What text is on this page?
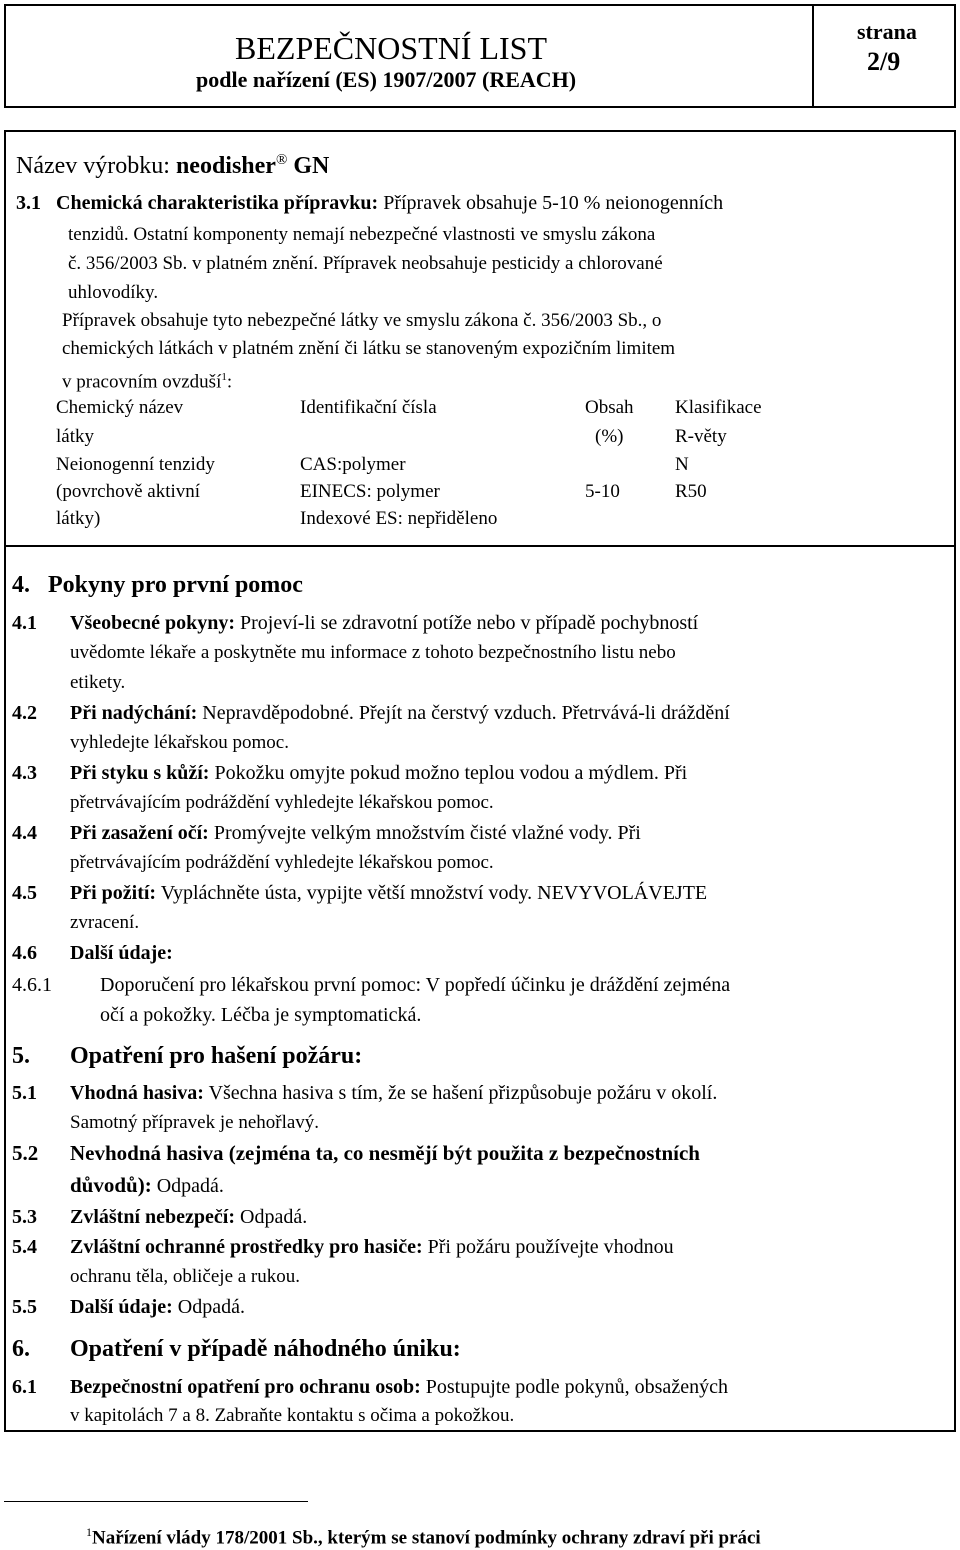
BEZPEČNOSTNÍ LIST
podle nařízení (ES) 1907/2007 (REACH)
strana
2/9
Název výrobku: neodisher® GN
3.1 Chemická charakteristika přípravku: Přípravek obsahuje 5-10 % neionogenních
tenzidů. Ostatní komponenty nemají nebezpečné vlastnosti ve smyslu zákona
č. 356/2003 Sb. v platném znění. Přípravek neobsahuje pesticidy a chlorované
uhlovodíky.
Přípravek obsahuje tyto nebezpečné látky ve smyslu zákona č. 356/2003 Sb., o
chemických látkách v platném znění či látku se stanoveným expozičním limitem
v pracovním ovzduší$^1$:
Chemický název
látky
Identifikační čísla	Obsah
(%)
Klasifikace
R-věty
Neionogenní tenzidy
(povrchově aktivní
látky)
CAS:polymer
EINECS: polymer
Indexové ES: nepřiděleno
5-10
N
R50
4. Pokyny pro první pomoc
4.1 Všeobecné pokyny: Projeví-li se zdravotní potíže nebo v případě pochybností
uvědomte lékaře a poskytněte mu informace z tohoto bezpečnostního listu nebo
etikety.
4.2 Při nadýchání: Nepravděpodobné. Přejít na čerstvý vzduch. Přetrvává-li dráždění
vyhledejte lékařskou pomoc.
4.3 Při styku s kůží: Pokožku omyjte pokud možno teplou vodou a mýdlem. Při
přetrvávajícím podráždění vyhledejte lékařskou pomoc.
4.4 Při zasažení očí: Promývejte velkým množstvím čisté vlažné vody. Při
přetrvávajícím podráždění vyhledejte lékařskou pomoc.
4.5 Při požití: Vypláchněte ústa, vypijte větší množství vody. NEVYVOLÁVEJTE
zvracení.
4.6 Další údaje:
4.6.1 Doporučení pro lékařskou první pomoc: V popředí účinku je dráždění zejména
očí a pokožky. Léčba je symptomatická.
5. Opatření pro hašení požáru:
5.1 Vhodná hasiva: Všechna hasiva s tím, že se hašení přizpůsobuje požáru v okolí.
Samotný přípravek je nehořlavý.
5.2 Nevhodná hasiva (zejména ta, co nesmějí být použita z bezpečnostních
důvodů): Odpadá.
5.3 Zvláštní nebezpečí: Odpadá.
5.4 Zvláštní ochranné prostředky pro hasiče: Při požáru používejte vhodnou
ochranu těla, obličeje a rukou.
5.5 Další údaje: Odpadá.
6. Opatření v případě náhodného úniku:
6.1 Bezpečnostní opatření pro ochranu osob: Postupujte podle pokynů, obsažených
v kapitolách 7 a 8. Zabraňte kontaktu s očima a pokožkou.
$^1$Nařízení vlády 178/2001 Sb., kterým se stanoví podmínky ochrany zdraví při práci
